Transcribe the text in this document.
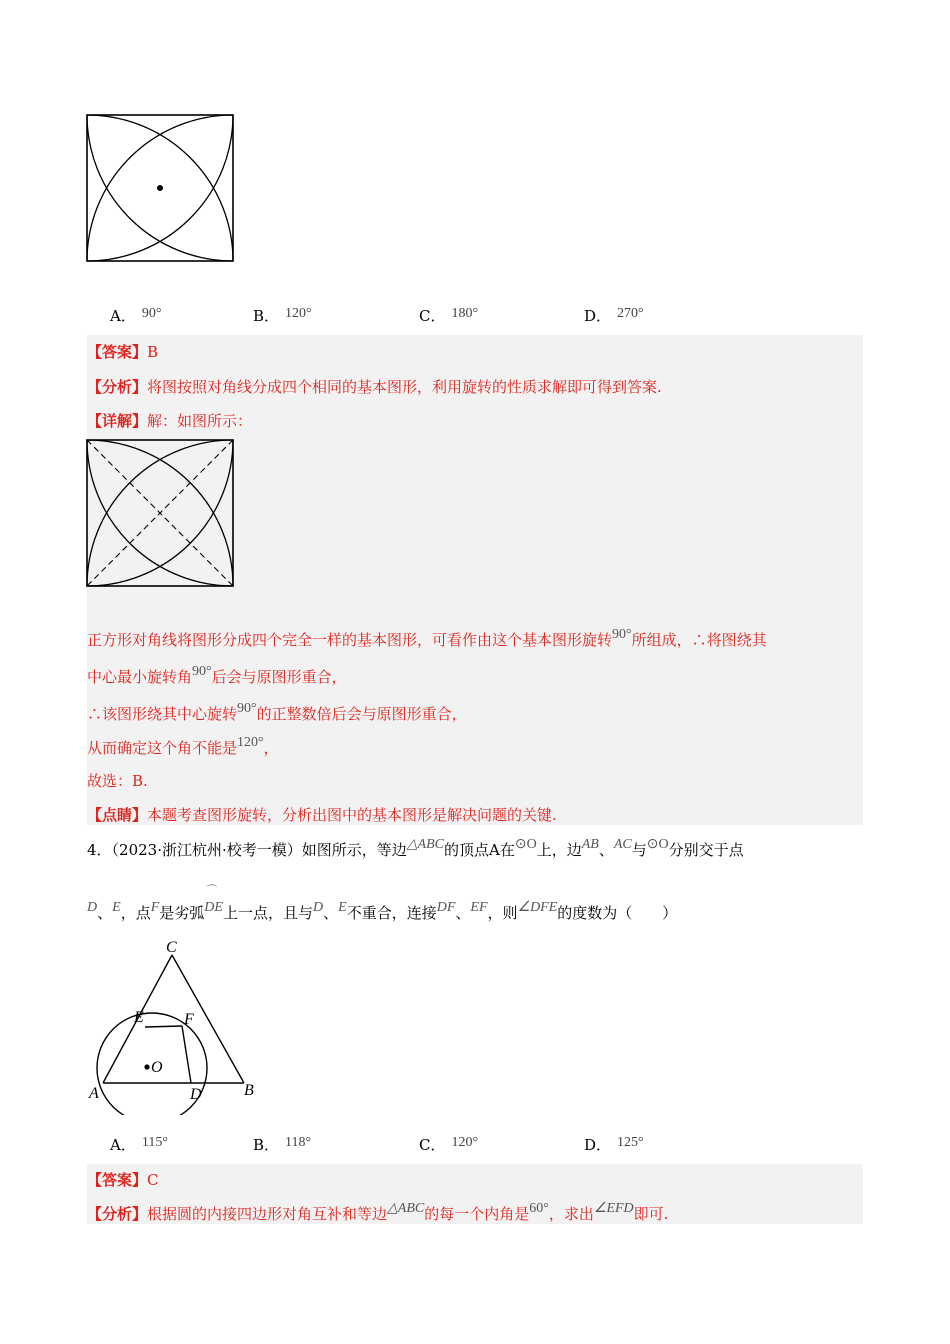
A． 90°	B． 120°	C． 180°	D． 270°
【答案】B
【分析】将图按照对角线分成四个相同的基本图形，利用旋转的性质求解即可得到答案.
【详解】解：如图所示：
正方形对角线将图形分成四个完全一样的基本图形，可看作由这个基本图形旋转90°所组成，∴将图绕其
中心最小旋转角90°后会与原图形重合，
∴该图形绕其中心旋转90°的正整数倍后会与原图形重合，
从而确定这个角不能是120°，
故选：B.
【点睛】本题考查图形旋转，分析出图中的基本图形是解决问题的关键.
4．（2023·浙江杭州·校考一模）如图所示，等边△ABC的顶点A在⊙O上，边AB、AC与⊙O分别交于点
D、E，点F是劣弧
⌒
DE上一点，且与D、E不重合，连接DF、EF，则∠DFE的度数为（　　）
C
E	F
O
A	D	B
A． 115°	B． 118°	C． 120°	D． 125°
【答案】C
【分析】根据圆的内接四边形对角互补和等边△ABC的每一个内角是60°，求出∠EFD即可.
